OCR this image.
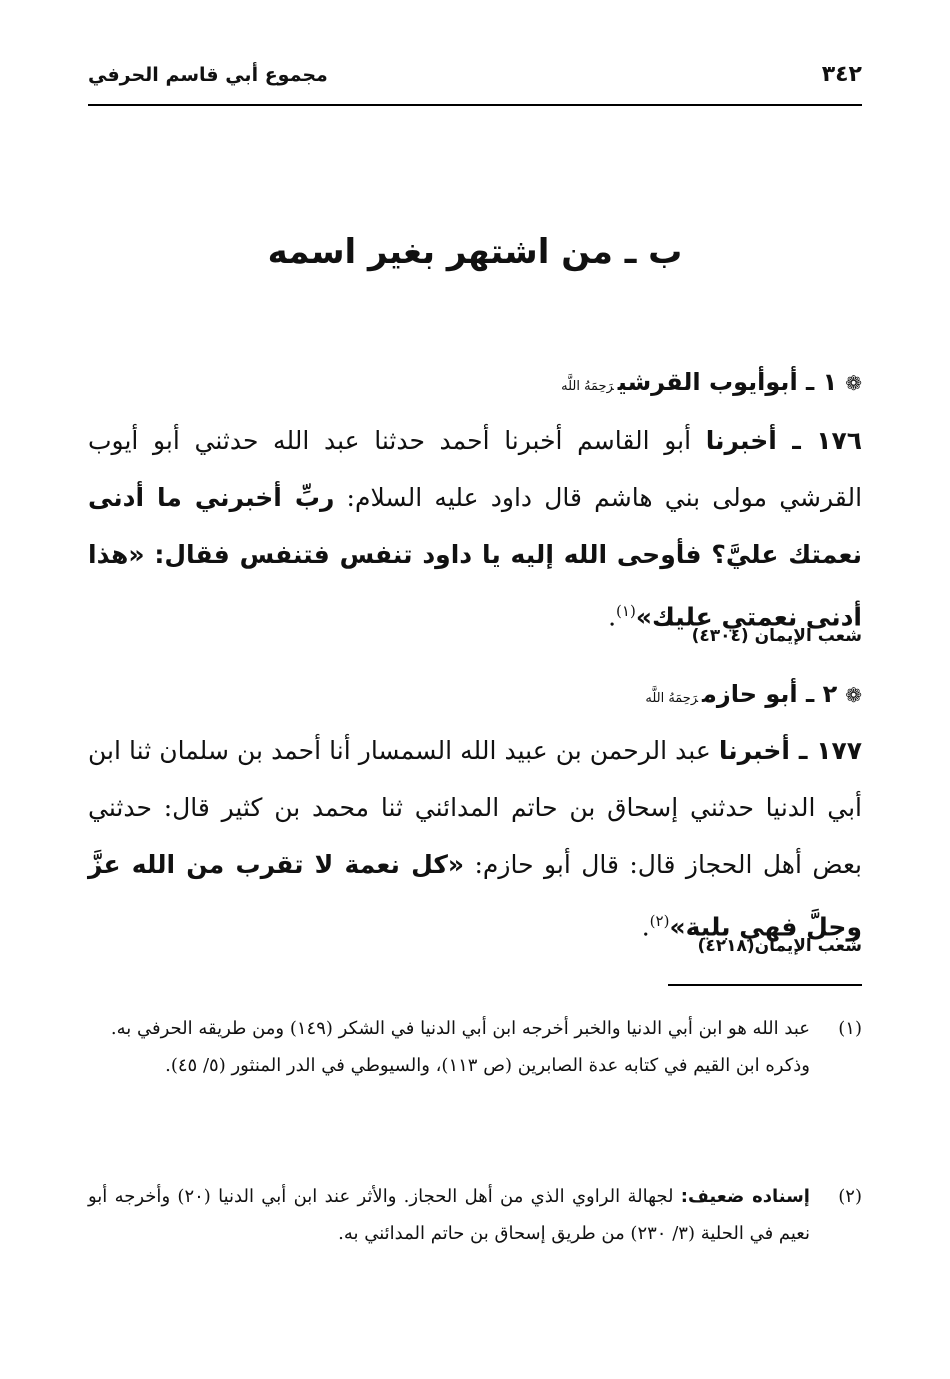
٣٤٢
مجموع أبي قاسم الحرفي
ب ـ من اشتهر بغير اسمه
❁١ ـ أبوأيوب القرشيرَحِمَهُ اللَّه
١٧٦ ـ أخبرنا أبو القاسم أخبرنا أحمد حدثنا عبد الله حدثني أبو أيوب القرشي مولى بني هاشم قال داود عليه السلام: ربِّ أخبرني ما أدنى نعمتك عليَّ؟ فأوحى الله إليه يا داود تنفس فتنفس فقال: «هذا أدنى نعمتي عليك»$^{(١)}$.
شعب الإيمان (٤٣٠٤)
❁٢ ـ أبو حازمرَحِمَهُ اللَّه
١٧٧ ـ أخبرنا عبد الرحمن بن عبيد الله السمسار أنا أحمد بن سلمان ثنا ابن أبي الدنيا حدثني إسحاق بن حاتم المدائني ثنا محمد بن كثير قال: حدثني بعض أهل الحجاز قال: قال أبو حازم: «كل نعمة لا تقرب من الله عزَّ وجلَّ فهي بلية»$^{(٢)}$.
شعب الإيمان(٤٢١٨)
(١)

عبد الله هو ابن أبي الدنيا والخبر أخرجه ابن أبي الدنيا في الشكر (١٤٩) ومن طريقه الحرفي به.

وذكره ابن القيم في كتابه عدة الصابرين (ص ١١٣)، والسيوطي في الدر المنثور (٥/ ٤٥).

(٢)

إسناده ضعيف: لجهالة الراوي الذي من أهل الحجاز. والأثر عند ابن أبي الدنيا (٢٠) وأخرجه أبو نعيم في الحلية (٣/ ٢٣٠) من طريق إسحاق بن حاتم المدائني به.
